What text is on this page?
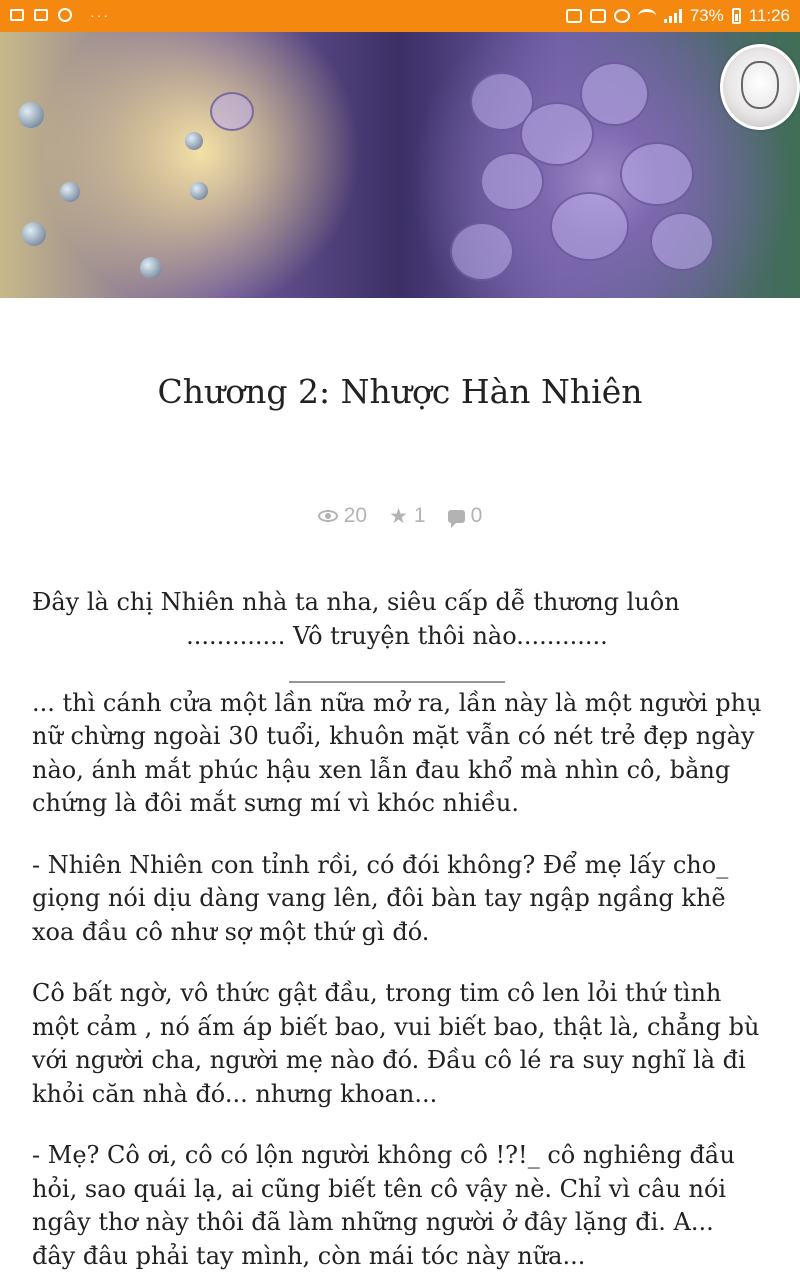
···	73% 11:26
Chương 2: Nhược Hàn Nhiên
20 ★ 1 0

Đây là chị Nhiên nhà ta nha, siêu cấp dễ thương luôn

............. Vô truyện thôi nào............

__________________

... thì cánh cửa một lần nữa mở ra, lần này là một người phụ nữ chừng ngoài 30 tuổi, khuôn mặt vẫn có nét trẻ đẹp ngày nào, ánh mắt phúc hậu xen lẫn đau khổ mà nhìn cô, bằng chứng là đôi mắt sưng mí vì khóc nhiều.

- Nhiên Nhiên con tỉnh rồi, có đói không? Để mẹ lấy cho_ giọng nói dịu dàng vang lên, đôi bàn tay ngập ngầng khẽ xoa đầu cô như sợ một thứ gì đó.

Cô bất ngờ, vô thức gật đầu, trong tim cô len lỏi thứ tình một cảm , nó ấm áp biết bao, vui biết bao, thật là, chẳng bù với người cha, người mẹ nào đó. Đầu cô lé ra suy nghĩ là đi khỏi căn nhà đó... nhưng khoan...

- Mẹ? Cô ơi, cô có lộn người không cô !?!_ cô nghiêng đầu hỏi, sao quái lạ, ai cũng biết tên cô vậy nè. Chỉ vì câu nói ngây thơ này thôi đã làm những người ở đây lặng đi. A... đây đâu phải tay mình, còn mái tóc này nữa...
